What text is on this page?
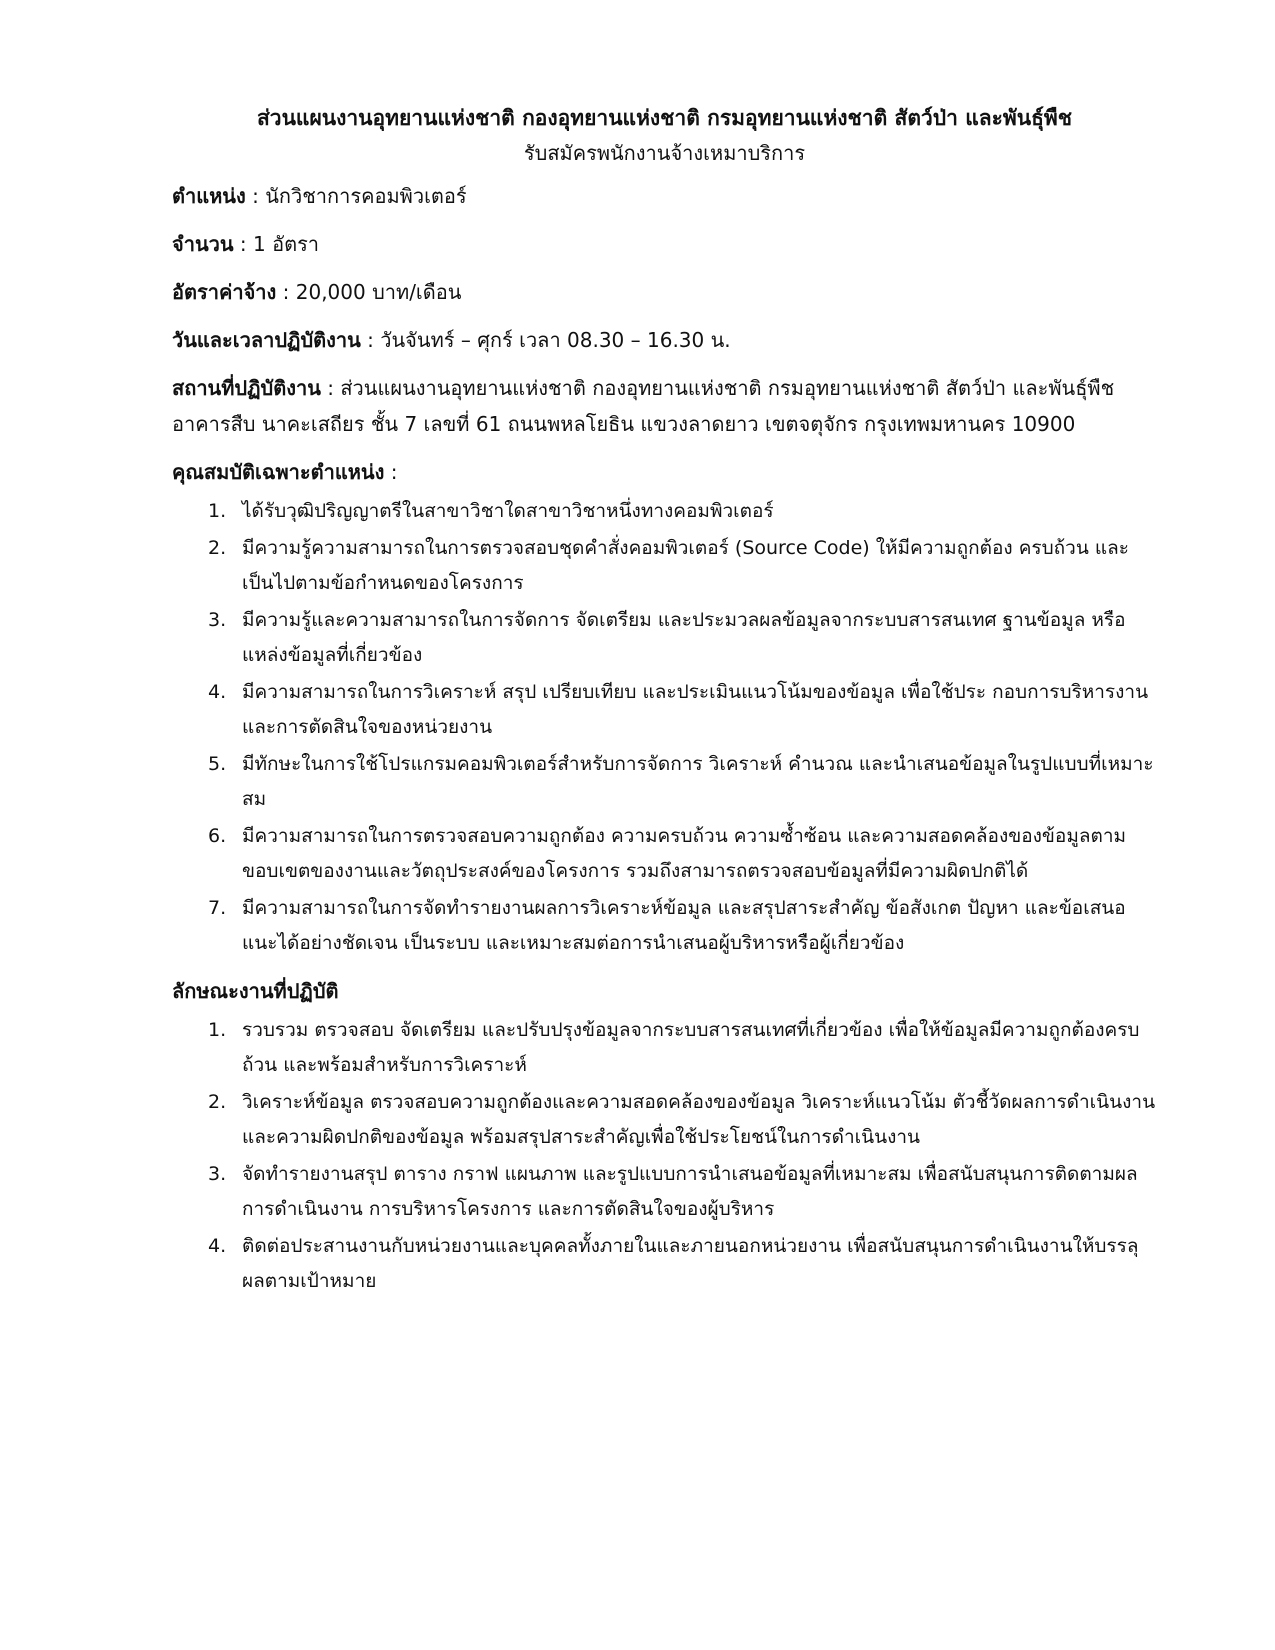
ส่วนแผนงานอุทยานแห่งชาติ กองอุทยานแห่งชาติ กรมอุทยานแห่งชาติ สัตว์ป่า และพันธุ์พืช

รับสมัครพนักงานจ้างเหมาบริการ

ตำแหน่ง : นักวิชาการคอมพิวเตอร์

จำนวน : 1 อัตรา

อัตราค่าจ้าง : 20,000 บาท/เดือน

วันและเวลาปฏิบัติงาน : วันจันทร์ – ศุกร์ เวลา 08.30 – 16.30 น.

สถานที่ปฏิบัติงาน : ส่วนแผนงานอุทยานแห่งชาติ กองอุทยานแห่งชาติ กรมอุทยานแห่งชาติ สัตว์ป่า และพันธุ์พืช อาคารสืบ นาคะเสถียร ชั้น 7 เลขที่ 61 ถนนพหลโยธิน แขวงลาดยาว เขตจตุจักร กรุงเทพมหานคร 10900

คุณสมบัติเฉพาะตำแหน่ง :

1. ได้รับวุฒิปริญญาตรีในสาขาวิชาใดสาขาวิชาหนึ่งทางคอมพิวเตอร์
2. มีความรู้ความสามารถในการตรวจสอบชุดคำสั่งคอมพิวเตอร์ (Source Code) ให้มีความถูกต้อง ครบถ้วน และเป็นไปตามข้อกำหนดของโครงการ
3. มีความรู้และความสามารถในการจัดการ จัดเตรียม และประมวลผลข้อมูลจากระบบสารสนเทศ ฐานข้อมูล หรือแหล่งข้อมูลที่เกี่ยวข้อง
4. มีความสามารถในการวิเคราะห์ สรุป เปรียบเทียบ และประเมินแนวโน้มของข้อมูล เพื่อใช้ประ กอบการบริหารงานและการตัดสินใจของหน่วยงาน
5. มีทักษะในการใช้โปรแกรมคอมพิวเตอร์สำหรับการจัดการ วิเคราะห์ คำนวณ และนำเสนอข้อมูลในรูปแบบที่เหมาะสม
6. มีความสามารถในการตรวจสอบความถูกต้อง ความครบถ้วน ความซ้ำซ้อน และความสอดคล้องของข้อมูลตามขอบเขตของงานและวัตถุประสงค์ของโครงการ รวมถึงสามารถตรวจสอบข้อมูลที่มีความผิดปกติได้
7. มีความสามารถในการจัดทำรายงานผลการวิเคราะห์ข้อมูล และสรุปสาระสำคัญ ข้อสังเกต ปัญหา และข้อเสนอแนะได้อย่างชัดเจน เป็นระบบ และเหมาะสมต่อการนำเสนอผู้บริหารหรือผู้เกี่ยวข้อง

ลักษณะงานที่ปฏิบัติ

1. รวบรวม ตรวจสอบ จัดเตรียม และปรับปรุงข้อมูลจากระบบสารสนเทศที่เกี่ยวข้อง เพื่อให้ข้อมูลมีความถูกต้องครบถ้วน และพร้อมสำหรับการวิเคราะห์
2. วิเคราะห์ข้อมูล ตรวจสอบความถูกต้องและความสอดคล้องของข้อมูล วิเคราะห์แนวโน้ม ตัวชี้วัดผลการดำเนินงาน และความผิดปกติของข้อมูล พร้อมสรุปสาระสำคัญเพื่อใช้ประโยชน์ในการดำเนินงาน
3. จัดทำรายงานสรุป ตาราง กราฟ แผนภาพ และรูปแบบการนำเสนอข้อมูลที่เหมาะสม เพื่อสนับสนุนการติดตามผลการดำเนินงาน การบริหารโครงการ และการตัดสินใจของผู้บริหาร
4. ติดต่อประสานงานกับหน่วยงานและบุคคลทั้งภายในและภายนอกหน่วยงาน เพื่อสนับสนุนการดำเนินงานให้บรรลุผลตามเป้าหมาย
